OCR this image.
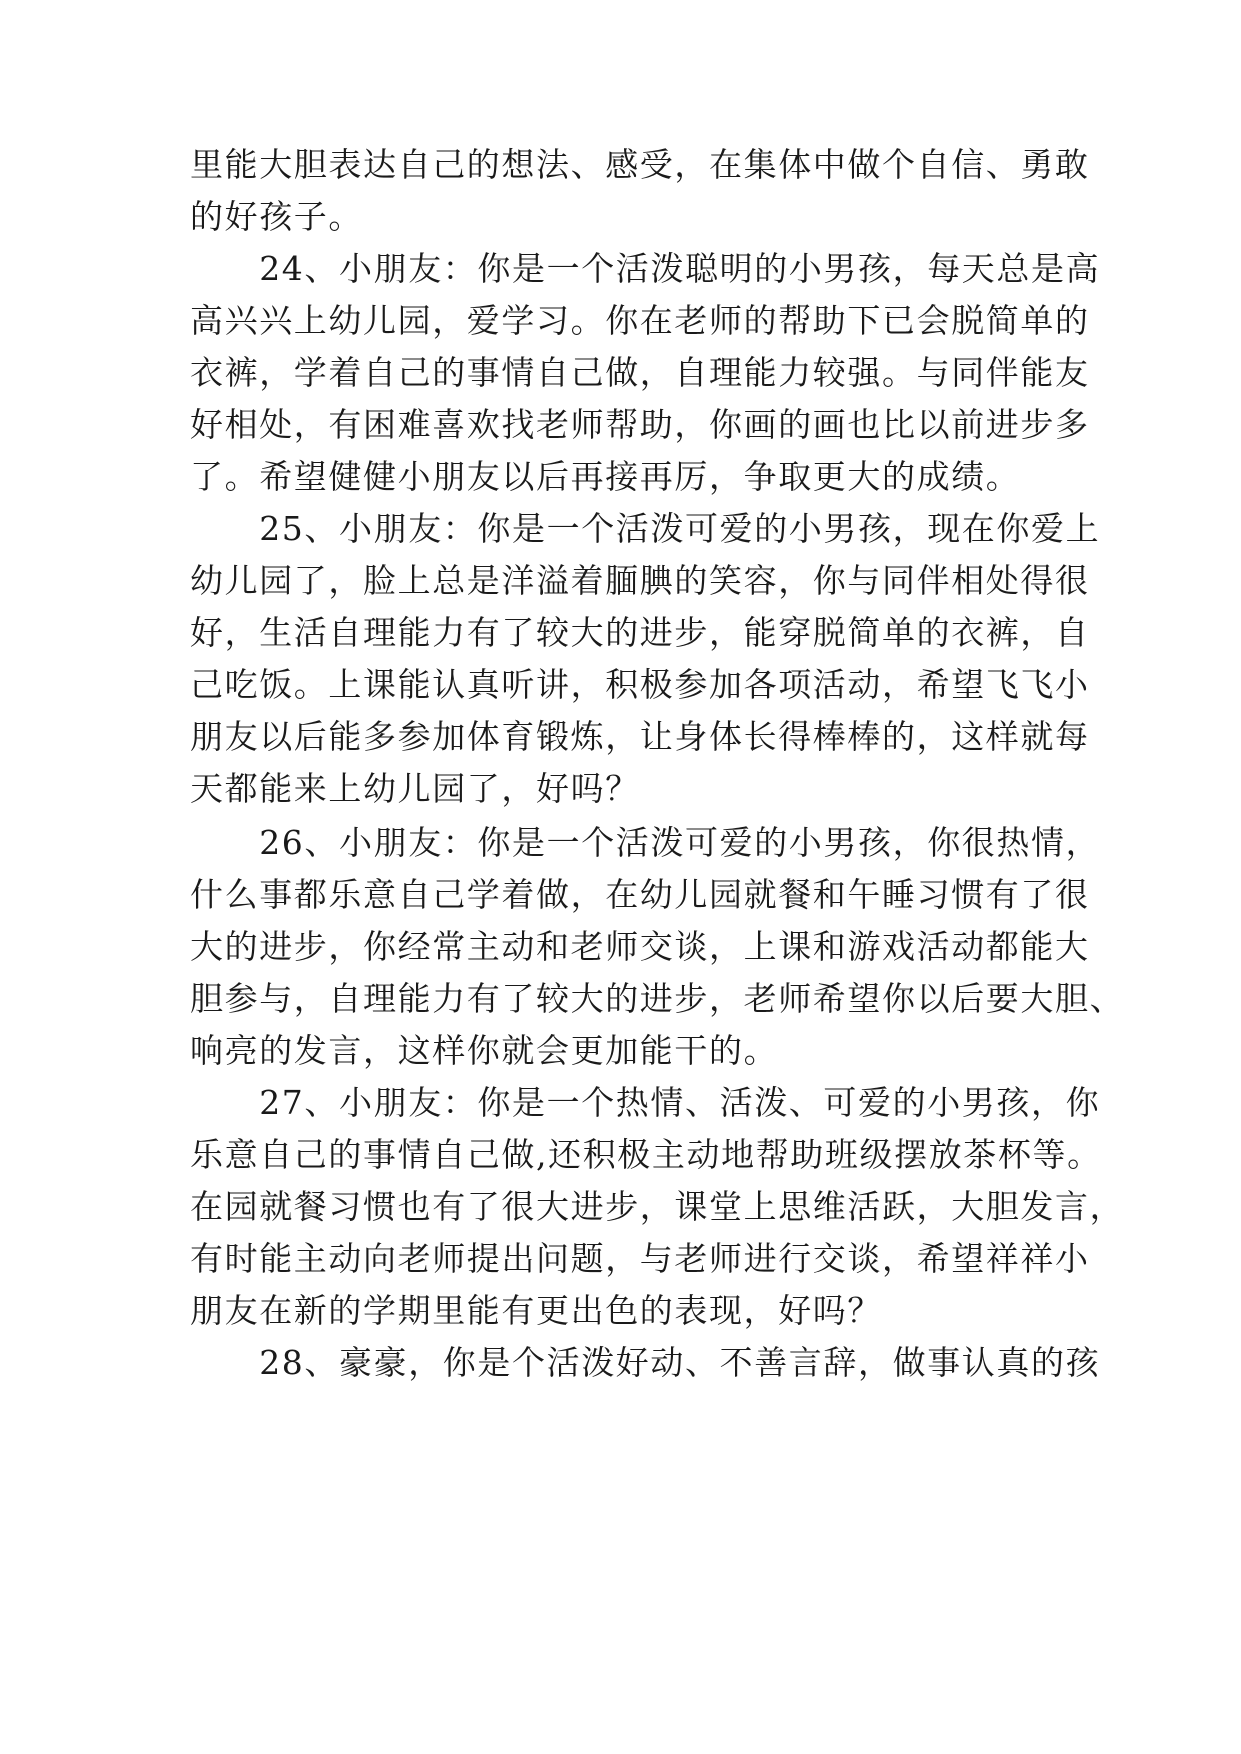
里能大胆表达自己的想法、感受，在集体中做个自信、勇敢
的好孩子。
　　24、小朋友：你是一个活泼聪明的小男孩，每天总是高
高兴兴上幼儿园，爱学习。你在老师的帮助下已会脱简单的
衣裤，学着自己的事情自己做，自理能力较强。与同伴能友
好相处，有困难喜欢找老师帮助，你画的画也比以前进步多
了。希望健健小朋友以后再接再厉，争取更大的成绩。
　　25、小朋友：你是一个活泼可爱的小男孩，现在你爱上
幼儿园了，脸上总是洋溢着腼腆的笑容，你与同伴相处得很
好，生活自理能力有了较大的进步，能穿脱简单的衣裤，自
己吃饭。上课能认真听讲，积极参加各项活动，希望飞飞小
朋友以后能多参加体育锻炼，让身体长得棒棒的，这样就每
天都能来上幼儿园了，好吗？
　　26、小朋友：你是一个活泼可爱的小男孩，你很热情，
什么事都乐意自己学着做，在幼儿园就餐和午睡习惯有了很
大的进步，你经常主动和老师交谈，上课和游戏活动都能大
胆参与，自理能力有了较大的进步，老师希望你以后要大胆、
响亮的发言，这样你就会更加能干的。
　　27、小朋友：你是一个热情、活泼、可爱的小男孩，你
乐意自己的事情自己做,还积极主动地帮助班级摆放茶杯等。
在园就餐习惯也有了很大进步，课堂上思维活跃，大胆发言，
有时能主动向老师提出问题，与老师进行交谈，希望祥祥小
朋友在新的学期里能有更出色的表现，好吗？
　　28、豪豪，你是个活泼好动、不善言辞，做事认真的孩
